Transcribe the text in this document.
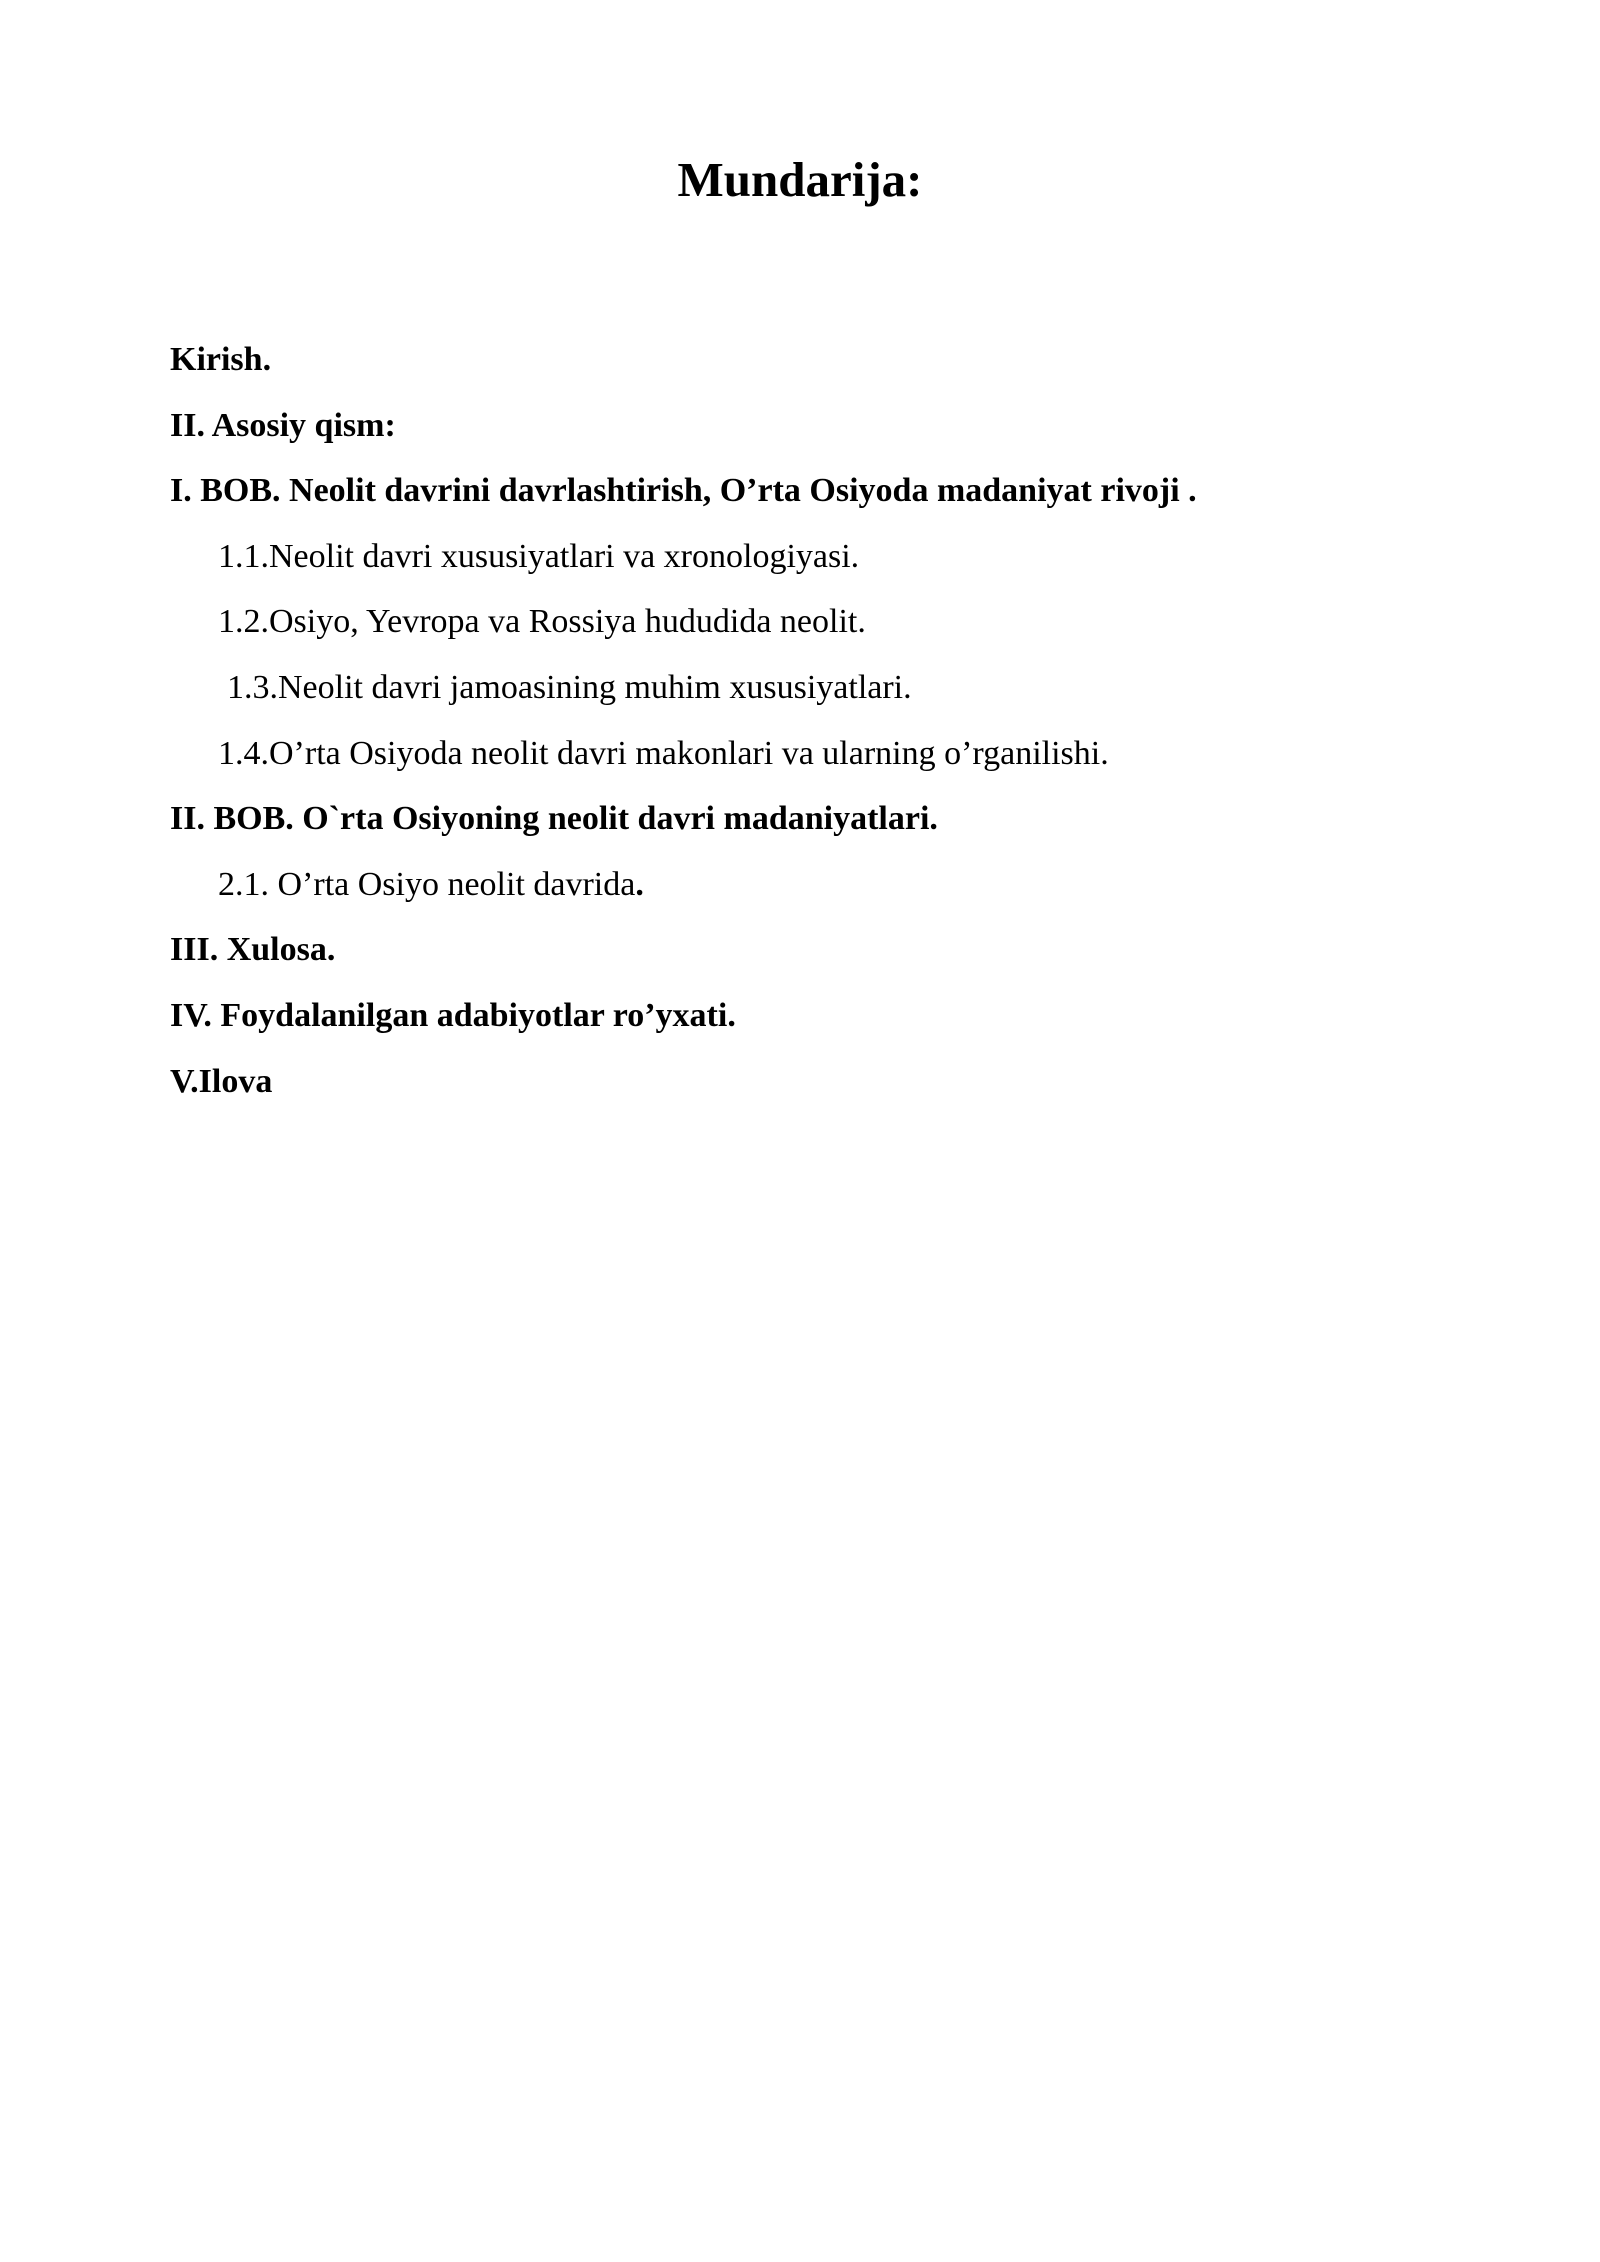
Mundarija:
Kirish.
II. Asosiy qism:
I. BOB. Neolit davrini davrlashtirish, O’rta Osiyoda madaniyat rivoji .
1.1.Neolit davri xususiyatlari va xronologiyasi.
1.2.Osiyo, Yevropa va Rossiya hududida neolit.
1.3.Neolit davri jamoasining muhim xususiyatlari.
1.4.O’rta Osiyoda neolit davri makonlari va ularning o’rganilishi.
II. BOB. O`rta Osiyoning neolit davri madaniyatlari.
2.1. O’rta Osiyo neolit davrida.
III. Xulosa.
IV. Foydalanilgan adabiyotlar ro’yxati.
V.Ilova
